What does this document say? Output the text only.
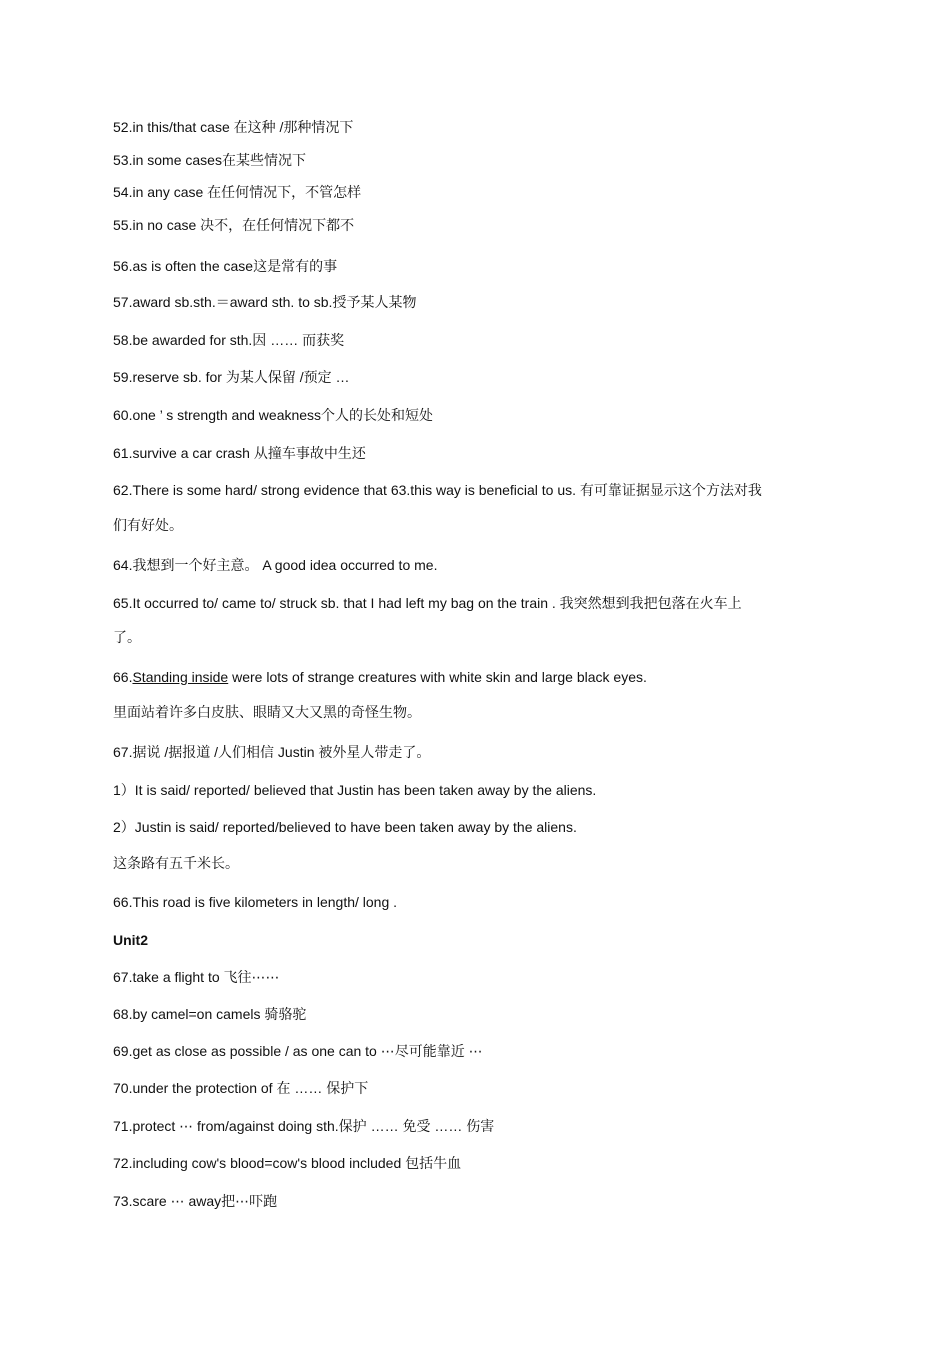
52.in this/that case 在这种 /那种情况下
53.in some cases在某些情况下
54.in any case 在任何情况下，不管怎样
55.in no case 决不，在任何情况下都不
56.as is often the case这是常有的事
57.award sb.sth.＝award sth. to sb.授予某人某物
58.be awarded for sth.因 …… 而获奖
59.reserve sb. for 为某人保留 /预定 …
60.one ’ s strength and weakness个人的长处和短处
61.survive a car crash 从撞车事故中生还
62.There is some hard/ strong evidence that 63.this way is beneficial to us. 有可靠证据显示这个方法对我
们有好处。
64.我想到一个好主意。 A good idea occurred to me.
65.It occurred to/ came to/ struck sb. that I had left my bag on the train . 我突然想到我把包落在火车上
了。
66.Standing inside were lots of strange creatures with white skin and large black eyes.
里面站着许多白皮肤、眼睛又大又黑的奇怪生物。
67.据说 /据报道 /人们相信 Justin 被外星人带走了。
1）It is said/ reported/ believed that Justin has been taken away by the aliens.
2）Justin is said/ reported/believed to have been taken away by the aliens.
这条路有五千米长。
66.This road is five kilometers in length/ long .
Unit2
67.take a flight to 飞往⋯⋯
68.by camel=on camels 骑骆驼
69.get as close as possible / as one can to ⋯尽可能靠近 ⋯
70.under the protection of 在 …… 保护下
71.protect ⋯ from/against doing sth.保护 …… 免受 …… 伤害
72.including cow's blood=cow's blood included 包括牛血
73.scare ⋯ away把⋯吓跑
